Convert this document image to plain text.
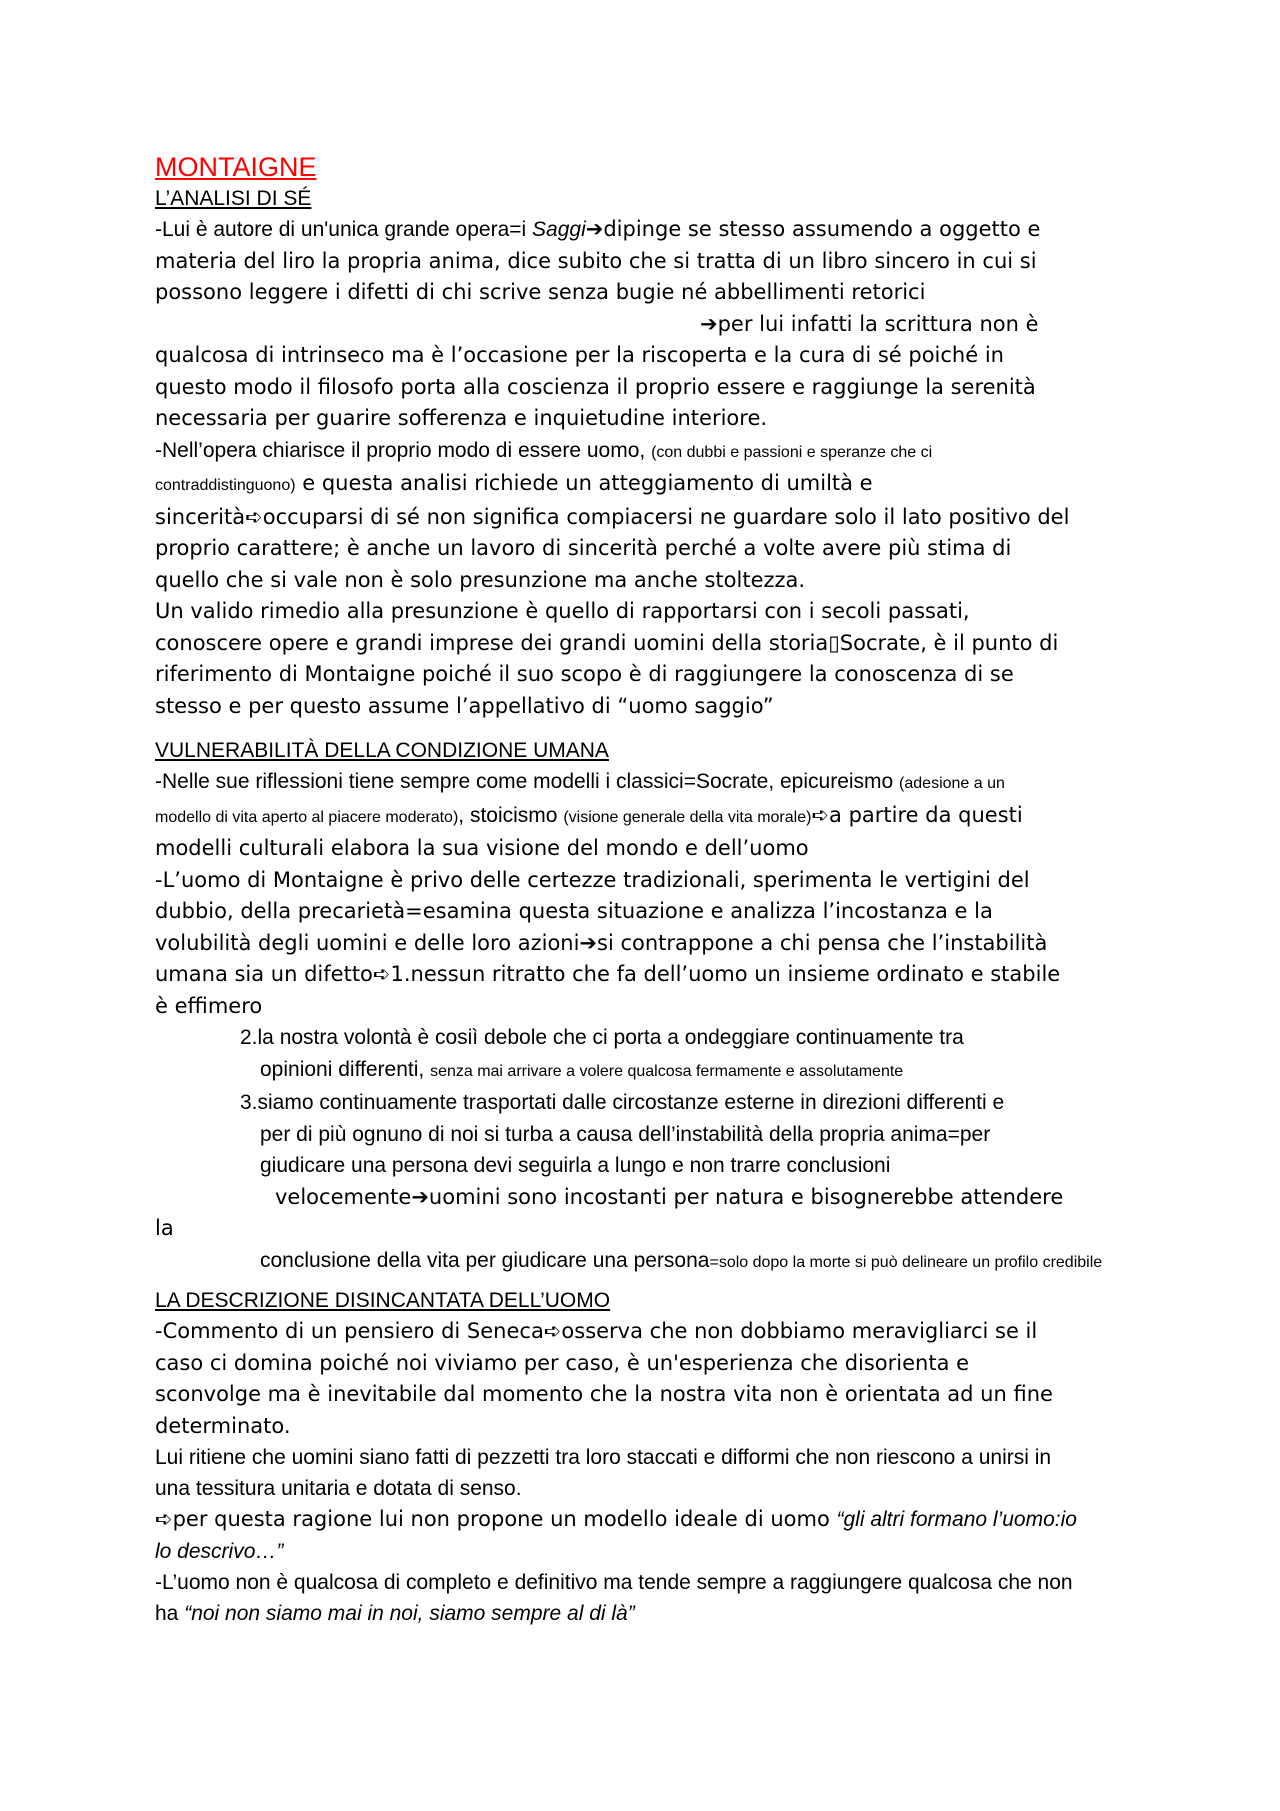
MONTAIGNE
L’ANALISI DI SÉ
-Lui è autore di un'unica grande opera=i Saggi➔dipinge se stesso assumendo a oggetto e
materia del liro la propria anima, dice subito che si tratta di un libro sincero in cui si
possono leggere i difetti di chi scrive senza bugie né abbellimenti retorici
➔per lui infatti la scrittura non è
qualcosa di intrinseco ma è l’occasione per la riscoperta e la cura di sé poiché in
questo modo il filosofo porta alla coscienza il proprio essere e raggiunge la serenità
necessaria per guarire sofferenza e inquietudine interiore.
-Nell’opera chiarisce il proprio modo di essere uomo, (con dubbi e passioni e speranze che ci
contraddistinguono) e questa analisi richiede un atteggiamento di umiltà e
sincerità➪occuparsi di sé non significa compiacersi ne guardare solo il lato positivo del
proprio carattere; è anche un lavoro di sincerità perché a volte avere più stima di
quello che si vale non è solo presunzione ma anche stoltezza.
Un valido rimedio alla presunzione è quello di rapportarsi con i secoli passati,
conoscere opere e grandi imprese dei grandi uomini della storia▯Socrate, è il punto di
riferimento di Montaigne poiché il suo scopo è di raggiungere la conoscenza di se
stesso e per questo assume l’appellativo di “uomo saggio”
VULNERABILITÀ DELLA CONDIZIONE UMANA
-Nelle sue riflessioni tiene sempre come modelli i classici=Socrate, epicureismo (adesione a un
modello di vita aperto al piacere moderato), stoicismo (visione generale della vita morale)➪a partire da questi
modelli culturali elabora la sua visione del mondo e dell’uomo
-L’uomo di Montaigne è privo delle certezze tradizionali, sperimenta le vertigini del
dubbio, della precarietà=esamina questa situazione e analizza l’incostanza e la
volubilità degli uomini e delle loro azioni➔si contrappone a chi pensa che l’instabilità
umana sia un difetto➪1.nessun ritratto che fa dell’uomo un insieme ordinato e stabile
è effimero
2.la nostra volontà è cosiì debole che ci porta a ondeggiare continuamente tra
opinioni differenti, senza mai arrivare a volere qualcosa fermamente e assolutamente
3.siamo continuamente trasportati dalle circostanze esterne in direzioni differenti e
per di più ognuno di noi si turba a causa dell’instabilità della propria anima=per
giudicare una persona devi seguirla a lungo e non trarre conclusioni
velocemente➔uomini sono incostanti per natura e bisognerebbe attendere
la
conclusione della vita per giudicare una persona=solo dopo la morte si può delineare un profilo credibile
LA DESCRIZIONE DISINCANTATA DELL’UOMO
-Commento di un pensiero di Seneca➪osserva che non dobbiamo meravigliarci se il
caso ci domina poiché noi viviamo per caso, è un'esperienza che disorienta e
sconvolge ma è inevitabile dal momento che la nostra vita non è orientata ad un fine
determinato.
Lui ritiene che uomini siano fatti di pezzetti tra loro staccati e difformi che non riescono a unirsi in
una tessitura unitaria e dotata di senso.
➪per questa ragione lui non propone un modello ideale di uomo “gli altri formano l’uomo:io
lo descrivo…”
-L’uomo non è qualcosa di completo e definitivo ma tende sempre a raggiungere qualcosa che non
ha “noi non siamo mai in noi, siamo sempre al di là”
